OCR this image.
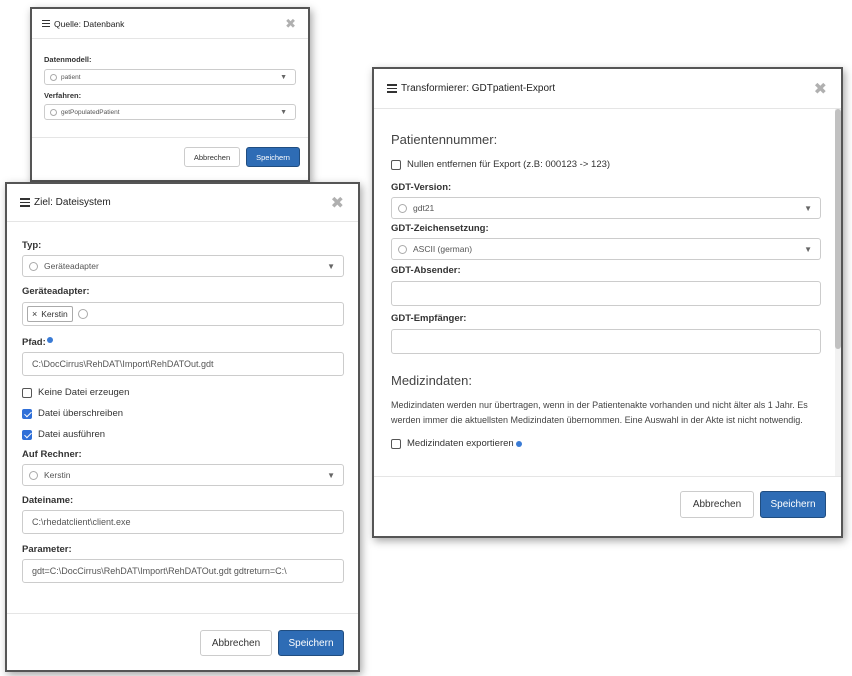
Quelle: Datenbank	✖
Datenmodell:
patient	▼
Verfahren:
getPopulatedPatient	▼
Abbrechen	Speichern
Ziel: Dateisystem	✖
Typ:
Geräteadapter	▼
Geräteadapter:
× Kerstin
Pfad:
C:\DocCirrus\RehDAT\Import\RehDATOut.gdt
Keine Datei erzeugen
Datei überschreiben
Datei ausführen
Auf Rechner:
Kerstin	▼
Dateiname:
C:\rhedatclient\client.exe
Parameter:
gdt=C:\DocCirrus\RehDAT\Import\RehDATOut.gdt gdtreturn=C:\
Abbrechen	Speichern
Transformierer: GDTpatient-Export	✖
Patientennummer:
Nullen entfernen für Export (z.B: 000123 -> 123)
GDT-Version:
gdt21	▼
GDT-Zeichensetzung:
ASCII (german)	▼
GDT-Absender:
GDT-Empfänger:
Medizindaten:
Medizindaten werden nur übertragen, wenn in der Patientenakte vorhanden und nicht älter als 1 Jahr. Es werden immer die aktuellsten Medizindaten übernommen. Eine Auswahl in der Akte ist nicht notwendig.
Medizindaten exportieren
Abbrechen	Speichern
